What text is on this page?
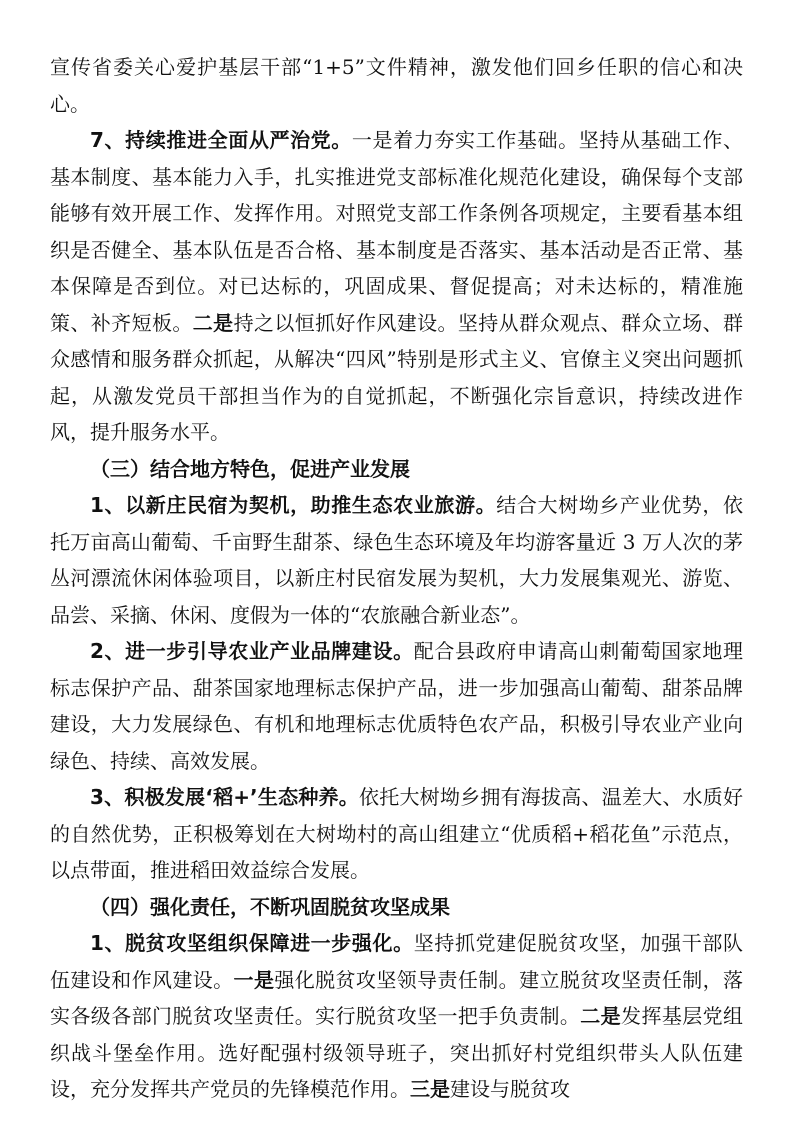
宣传省委关心爱护基层干部“1+5”文件精神，激发他们回乡任职的信心和决心。

7、持续推进全面从严治党。一是着力夯实工作基础。坚持从基础工作、基本制度、基本能力入手，扎实推进党支部标准化规范化建设，确保每个支部能够有效开展工作、发挥作用。对照党支部工作条例各项规定，主要看基本组织是否健全、基本队伍是否合格、基本制度是否落实、基本活动是否正常、基本保障是否到位。对已达标的，巩固成果、督促提高；对未达标的，精准施策、补齐短板。二是持之以恒抓好作风建设。坚持从群众观点、群众立场、群众感情和服务群众抓起，从解决“四风”特别是形式主义、官僚主义突出问题抓起，从激发党员干部担当作为的自觉抓起，不断强化宗旨意识，持续改进作风，提升服务水平。

（三）结合地方特色，促进产业发展

1、以新庄民宿为契机，助推生态农业旅游。结合大树坳乡产业优势，依托万亩高山葡萄、千亩野生甜茶、绿色生态环境及年均游客量近 3 万人次的茅丛河漂流休闲体验项目，以新庄村民宿发展为契机，大力发展集观光、游览、品尝、采摘、休闲、度假为一体的“农旅融合新业态”。

2、进一步引导农业产业品牌建设。配合县政府申请高山刺葡萄国家地理标志保护产品、甜茶国家地理标志保护产品，进一步加强高山葡萄、甜茶品牌建设，大力发展绿色、有机和地理标志优质特色农产品，积极引导农业产业向绿色、持续、高效发展。

3、积极发展‘稻+’生态种养。依托大树坳乡拥有海拔高、温差大、水质好的自然优势，正积极筹划在大树坳村的高山组建立“优质稻+稻花鱼”示范点，以点带面，推进稻田效益综合发展。

（四）强化责任，不断巩固脱贫攻坚成果

1、脱贫攻坚组织保障进一步强化。坚持抓党建促脱贫攻坚，加强干部队伍建设和作风建设。一是强化脱贫攻坚领导责任制。建立脱贫攻坚责任制，落实各级各部门脱贫攻坚责任。实行脱贫攻坚一把手负责制。二是发挥基层党组织战斗堡垒作用。选好配强村级领导班子，突出抓好村党组织带头人队伍建设，充分发挥共产党员的先锋模范作用。三是建设与脱贫攻
